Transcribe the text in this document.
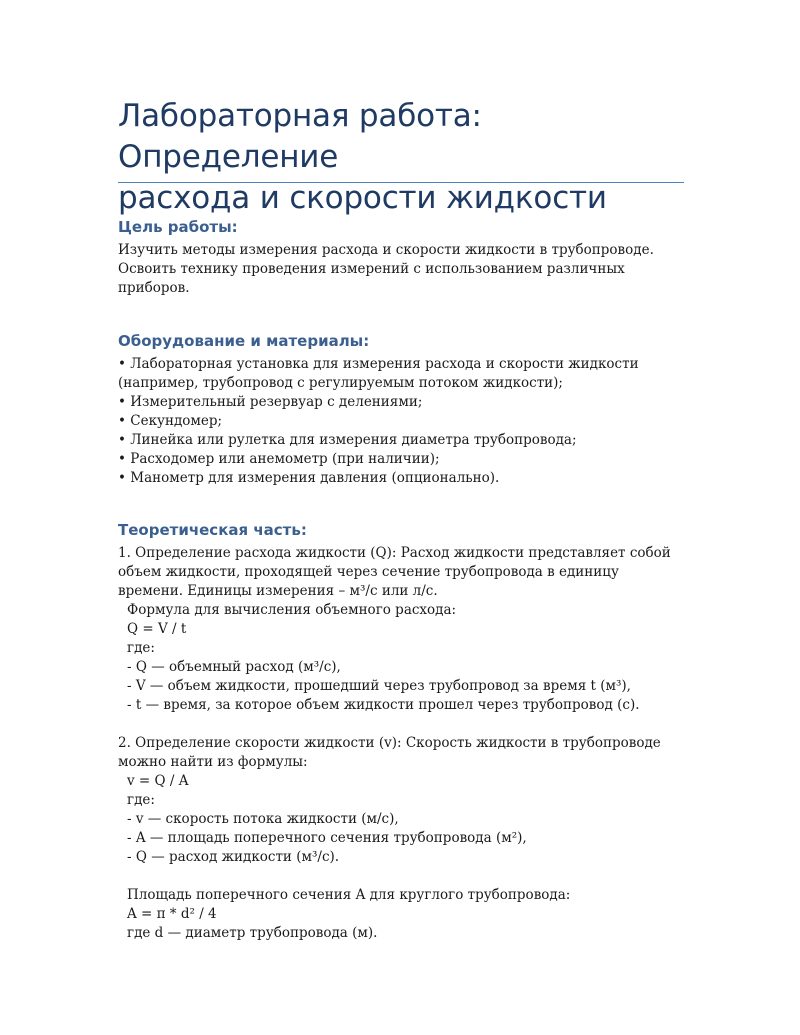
Лабораторная работа: Определение
расхода и скорости жидкости
Цель работы:
Изучить методы измерения расхода и скорости жидкости в трубопроводе.
Освоить технику проведения измерений с использованием различных
приборов.
Оборудование и материалы:
• Лабораторная установка для измерения расхода и скорости жидкости
(например, трубопровод с регулируемым потоком жидкости);
• Измерительный резервуар с делениями;
• Секундомер;
• Линейка или рулетка для измерения диаметра трубопровода;
• Расходомер или анемометр (при наличии);
• Манометр для измерения давления (опционально).
Теоретическая часть:
1. Определение расхода жидкости (Q): Расход жидкости представляет собой
объем жидкости, проходящей через сечение трубопровода в единицу
времени. Единицы измерения – м³/с или л/с.
Формула для вычисления объемного расхода:
Q = V / t
где:
- Q — объемный расход (м³/с),
- V — объем жидкости, прошедший через трубопровод за время t (м³),
- t — время, за которое объем жидкости прошел через трубопровод (с).
2. Определение скорости жидкости (v): Скорость жидкости в трубопроводе
можно найти из формулы:
v = Q / A
где:
- v — скорость потока жидкости (м/с),
- A — площадь поперечного сечения трубопровода (м²),
- Q — расход жидкости (м³/с).
Площадь поперечного сечения A для круглого трубопровода:
A = π * d² / 4
где d — диаметр трубопровода (м).
